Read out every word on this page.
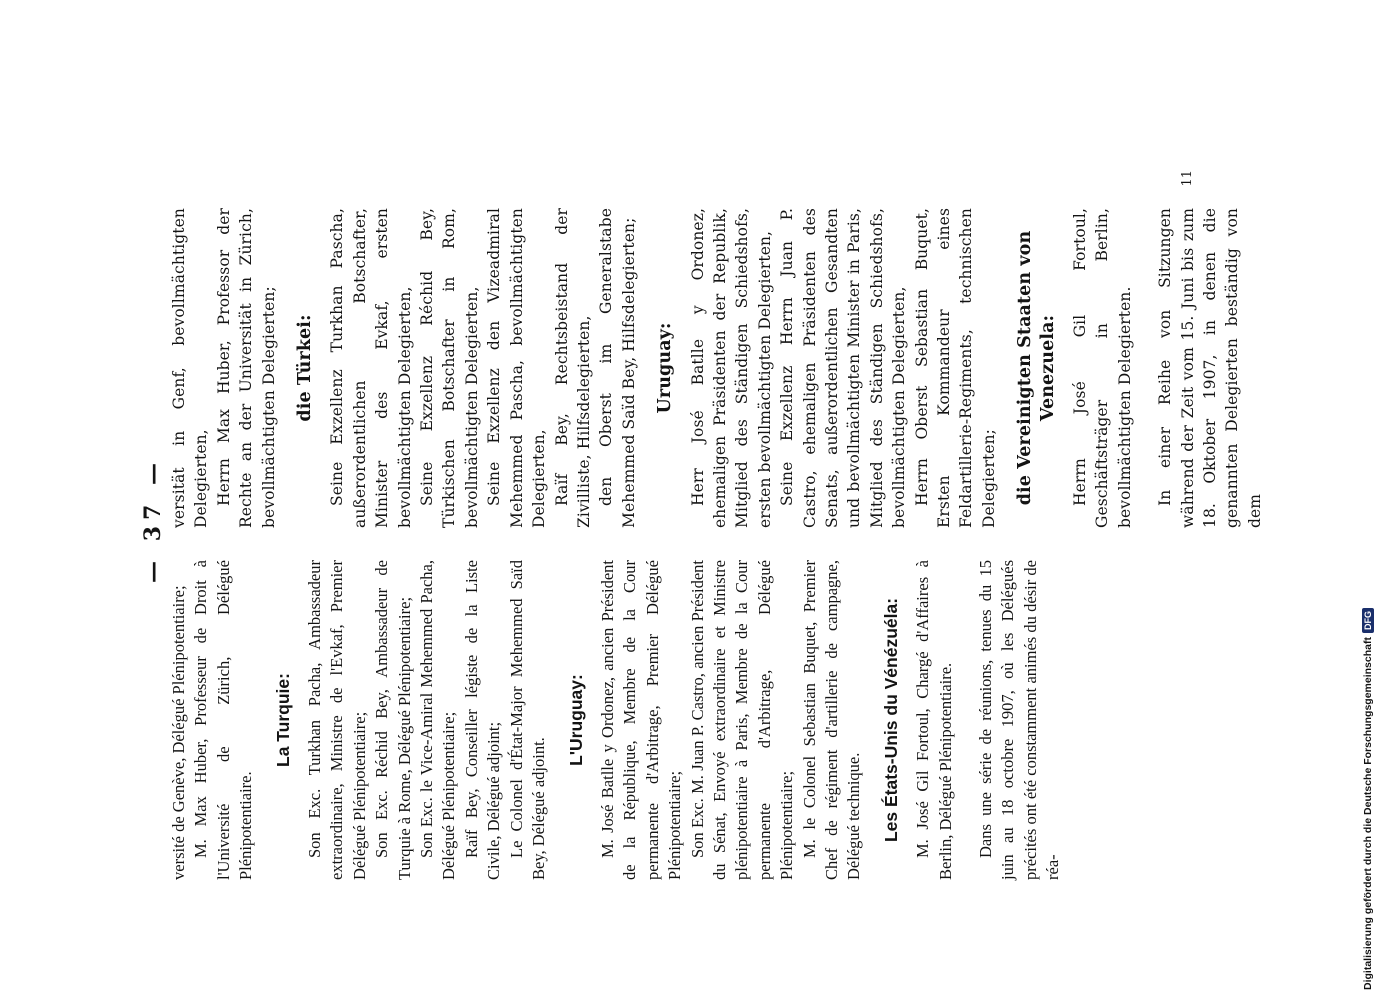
— 37 —

versité de Genève, Délégué Plénipotentiaire; M. Max Huber, Professeur de Droit à l'Université de Zürich, Délégué Plénipotentiaire.

La Turquie: Son Exc. Turkhan Pacha, Ambassadeur extraordinaire, Ministre de l'Evkaf, Premier Délégué Plénipotentiaire; Son Exc. Réchid Bey, Ambassadeur de Turquie à Rome, Délégué Plénipotentiaire; Son Exc. le Vice-Amiral Mehemmed Pacha, Délégué Plénipotentiaire; Raïf Bey, Conseiller légiste de la Liste Civile, Délégué adjoint; Le Colonel d'État-Major Mehemmed Saïd Bey, Délégué adjoint.

L'Uruguay: M. José Batlle y Ordonez, ancien Président de la République, Membre de la Cour permanente d'Arbitrage, Premier Délégué Plénipotentiaire; Son Exc. M. Juan P. Castro, ancien Président du Sénat, Envoyé extraordinaire et Ministre plénipotentiaire à Paris, Membre de la Cour permanente d'Arbitrage, Délégué Plénipotentiaire; M. le Colonel Sebastian Buquet, Premier Chef de régiment d'artillerie de campagne, Délégué technique. Les États-Unis du Vénézuéla: M. José Gil Fortoul, Chargé d'Affaires à Berlin, Délégué Plénipotentiaire. Dans une série de réunions, tenues du 15 juin au 18 octobre 1907, où les Délégués précités ont été constamment animés du désir de réa-

versität in Genf, bevollmächtigten Delegierten, Herrn Max Huber, Professor der Rechte an der Universität in Zürich, bevollmächtigten Delegierten; die Türkei: Seine Exzellenz Turkhan Pascha, außerordentlichen Botschafter, Minister des Evkaf, ersten bevollmächtigten Delegierten, Seine Exzellenz Réchid Bey, Türkischen Botschafter in Rom, bevollmächtigten Delegierten, Seine Exzellenz den Vizeadmiral Mehemmed Pascha, bevollmächtigten Delegierten, Raïf Bey, Rechtsbeistand der Zivilliste, Hilfsdelegierten, den Oberst im Generalstabe Mehemmed Saïd Bey, Hilfsdelegierten; Uruguay: Herr José Batlle y Ordonez, ehemaligen Präsidenten der Republik, Mitglied des Ständigen Schiedshofs, ersten bevollmächtigten Delegierten, Seine Exzellenz Herrn Juan P. Castro, ehemaligen Präsidenten des Senats, außerordentlichen Gesandten und bevollmächtigten Minister in Paris, Mitglied des Ständigen Schiedshofs, bevollmächtigten Delegierten, Herrn Oberst Sebastian Buquet, Ersten Kommandeur eines Feldartillerie-Regiments, technischen Delegierten; die Vereinigten Staaten von Venezuela: Herrn José Gil Fortoul, Geschäftsträger in Berlin, bevollmächtigten Delegierten. In einer Reihe von Sitzungen während der Zeit vom 15. Juni bis zum 18. Oktober 1907, in denen die genannten Delegierten beständig von dem

11
Digitalisierung gefördert durch die Deutsche Forschungsgemeinschaft
DFG
